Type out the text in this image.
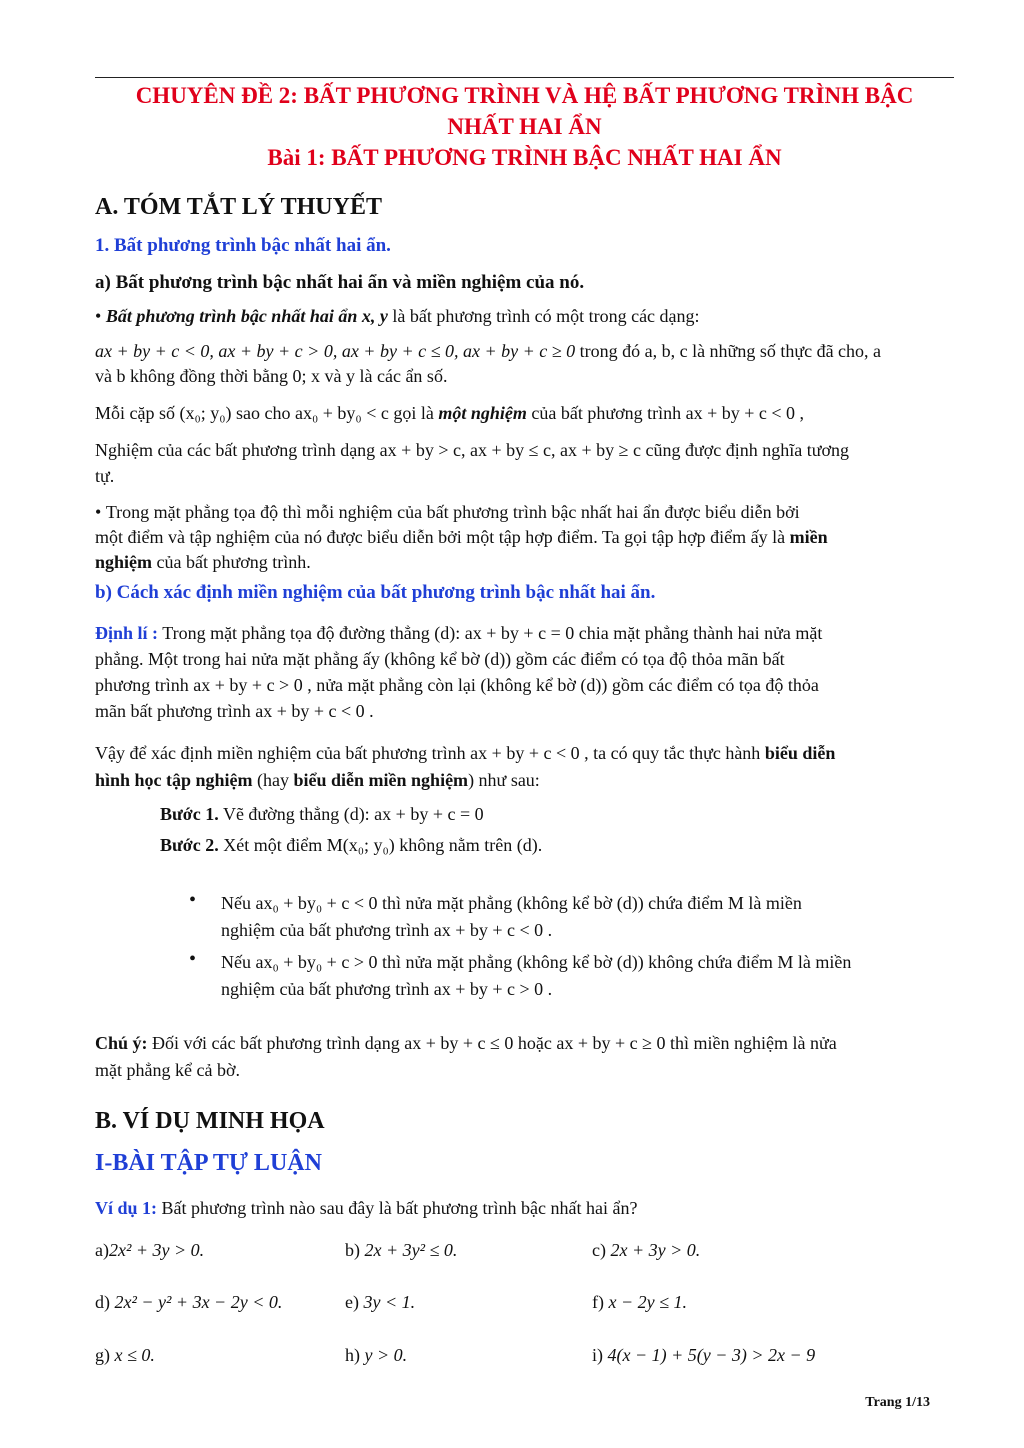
CHUYÊN ĐỀ 2: BẤT PHƯƠNG TRÌNH VÀ HỆ BẤT PHƯƠNG TRÌNH BẬC
NHẤT HAI ẨN
Bài 1: BẤT PHƯƠNG TRÌNH BẬC NHẤT HAI ẨN
A. TÓM TẮT LÝ THUYẾT
1. Bất phương trình bậc nhất hai ẩn.
a) Bất phương trình bậc nhất hai ẩn và miền nghiệm của nó.
• Bất phương trình bậc nhất hai ẩn x, y là bất phương trình có một trong các dạng:
ax + by + c < 0, ax + by + c > 0, ax + by + c ≤ 0, ax + by + c ≥ 0 trong đó a, b, c là những số thực đã cho, a
và b không đồng thời bằng 0; x và y là các ẩn số.
Mỗi cặp số (x₀; y₀) sao cho ax₀ + by₀ < c gọi là một nghiệm của bất phương trình ax + by + c < 0 ,
Nghiệm của các bất phương trình dạng ax + by > c, ax + by ≤ c, ax + by ≥ c cũng được định nghĩa tương
tự.
• Trong mặt phẳng tọa độ thì mỗi nghiệm của bất phương trình bậc nhất hai ẩn được biểu diễn bởi
một điểm và tập nghiệm của nó được biểu diễn bởi một tập hợp điểm. Ta gọi tập hợp điểm ấy là miền
nghiệm của bất phương trình.
b) Cách xác định miền nghiệm của bất phương trình bậc nhất hai ẩn.
Định lí : Trong mặt phẳng tọa độ đường thẳng (d): ax + by + c = 0 chia mặt phẳng thành hai nửa mặt
phẳng. Một trong hai nửa mặt phẳng ấy (không kể bờ (d)) gồm các điểm có tọa độ thỏa mãn bất
phương trình ax + by + c > 0 , nửa mặt phẳng còn lại (không kể bờ (d)) gồm các điểm có tọa độ thỏa
mãn bất phương trình ax + by + c < 0 .
Vậy để xác định miền nghiệm của bất phương trình ax + by + c < 0 , ta có quy tắc thực hành biểu diễn
hình học tập nghiệm (hay biểu diễn miền nghiệm) như sau:
Bước 1. Vẽ đường thẳng (d): ax + by + c = 0
Bước 2. Xét một điểm M(x₀; y₀) không nằm trên (d).
• Nếu ax₀ + by₀ + c < 0 thì nửa mặt phẳng (không kể bờ (d)) chứa điểm M là miền
nghiệm của bất phương trình ax + by + c < 0 .
• Nếu ax₀ + by₀ + c > 0 thì nửa mặt phẳng (không kể bờ (d)) không chứa điểm M là miền
nghiệm của bất phương trình ax + by + c > 0 .
Chú ý: Đối với các bất phương trình dạng ax + by + c ≤ 0 hoặc ax + by + c ≥ 0 thì miền nghiệm là nửa
mặt phẳng kể cả bờ.
B. VÍ DỤ MINH HỌA
I-BÀI TẬP TỰ LUẬN
Ví dụ 1: Bất phương trình nào sau đây là bất phương trình bậc nhất hai ẩn?
a)2x² + 3y > 0.	b) 2x + 3y² ≤ 0.	c) 2x + 3y > 0.
d) 2x² − y² + 3x − 2y < 0.	e) 3y < 1.	f) x − 2y ≤ 1.
g) x ≤ 0.	h) y > 0.	i) 4(x − 1) + 5(y − 3) > 2x − 9
Trang 1/13
